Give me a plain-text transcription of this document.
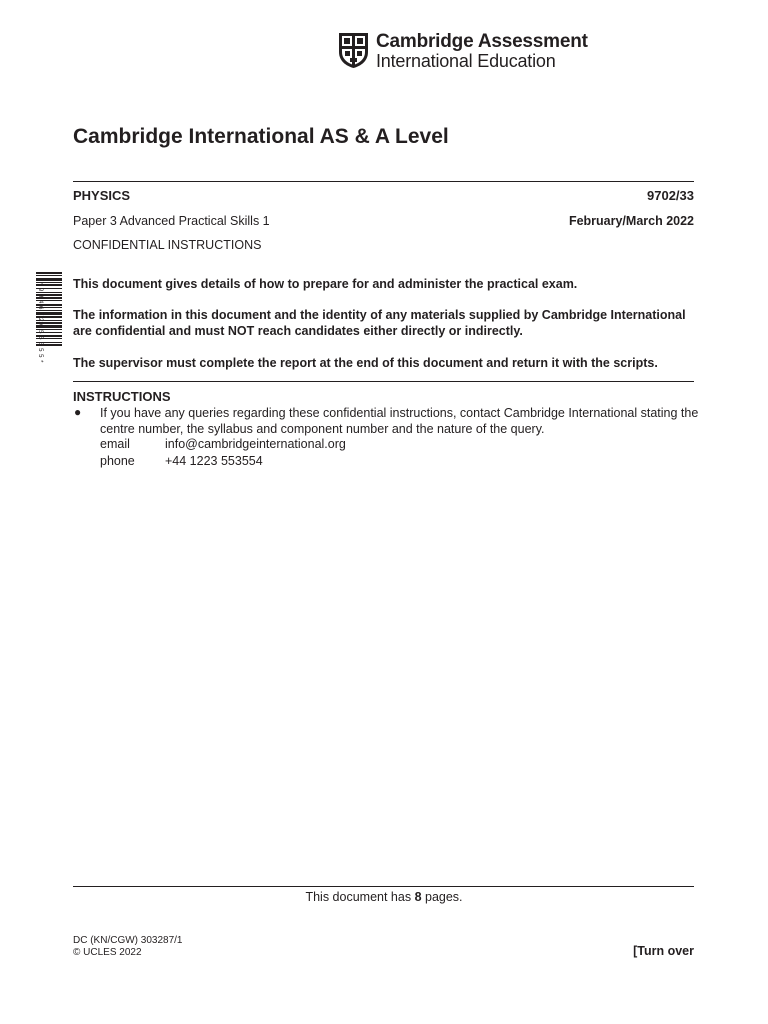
Cambridge Assessment
International Education
Cambridge International AS & A Level
PHYSICS	9702/33
Paper 3 Advanced Practical Skills 1	February/March 2022
CONFIDENTIAL INSTRUCTIONS
* 9 9 4 6 7 2 6 5 5 5 5 5 * This document gives details of how to prepare for and administer the practical exam.
The information in this document and the identity of any materials supplied by Cambridge International are confidential and must NOT reach candidates either directly or indirectly.
The supervisor must complete the report at the end of this document and return it with the scripts.
INSTRUCTIONS
● If you have any queries regarding these confidential instructions, contact Cambridge International stating the centre number, the syllabus and component number and the nature of the query.
email	info@cambridgeinternational.org
phone +44 1223 553554
This document has 8 pages.
DC (KN/CGW) 303287/1
© UCLES 2022	[Turn over
